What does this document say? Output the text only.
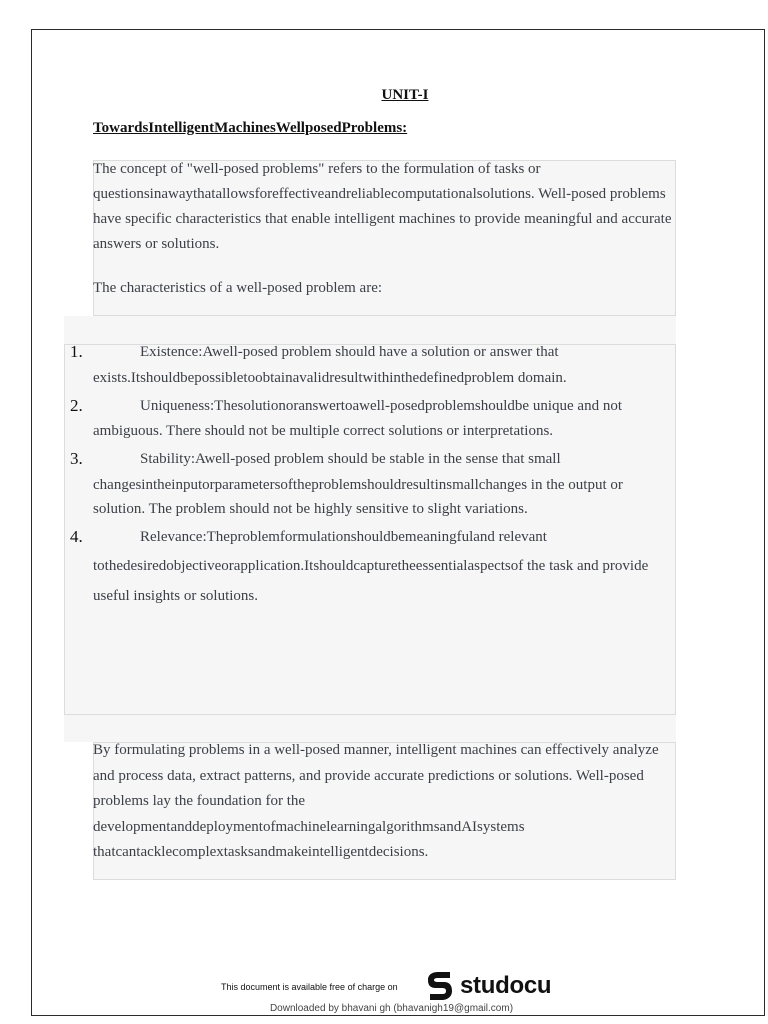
UNIT-I
TowardsIntelligentMachinesWellposedProblems:
The concept of "well-posed problems" refers to the formulation of tasks or questionsinawaythatallowsforeffectiveandreliablecomputationalsolutions. Well-posed problems have specific characteristics that enable intelligent machines to provide meaningful and accurate answers or solutions.
The characteristics of a well-posed problem are:
1.	Existence:Awell-posed problem should have a solution or answer that
exists.Itshouldbepossibletoobtainavalidresultwithinthedefinedproblem domain.
2.	Uniqueness:Thesolutionoranswertoawell-posedproblemshouldbe unique and not
ambiguous. There should not be multiple correct solutions or interpretations.
3.	Stability:Awell-posed problem should be stable in the sense that small
changesintheinputorparametersoftheproblemshouldresultinsmallchanges in the output or
solution. The problem should not be highly sensitive to slight variations.
4.	Relevance:Theproblemformulationshouldbemeaningfuland relevant
tothedesiredobjectiveorapplication.Itshouldcapturetheessentialaspectsof the task and provide
useful insights or solutions.
By formulating problems in a well-posed manner, intelligent machines can effectively analyze and process data, extract patterns, and provide accurate predictions or solutions. Well-posed problems lay the foundation for the developmentanddeploymentofmachinelearningalgorithmsandAIsystems thatcantacklecomplextasksandmakeintelligentdecisions.
This document is available free of charge on	studocu
Downloaded by bhavani gh (bhavanigh19@gmail.com)
